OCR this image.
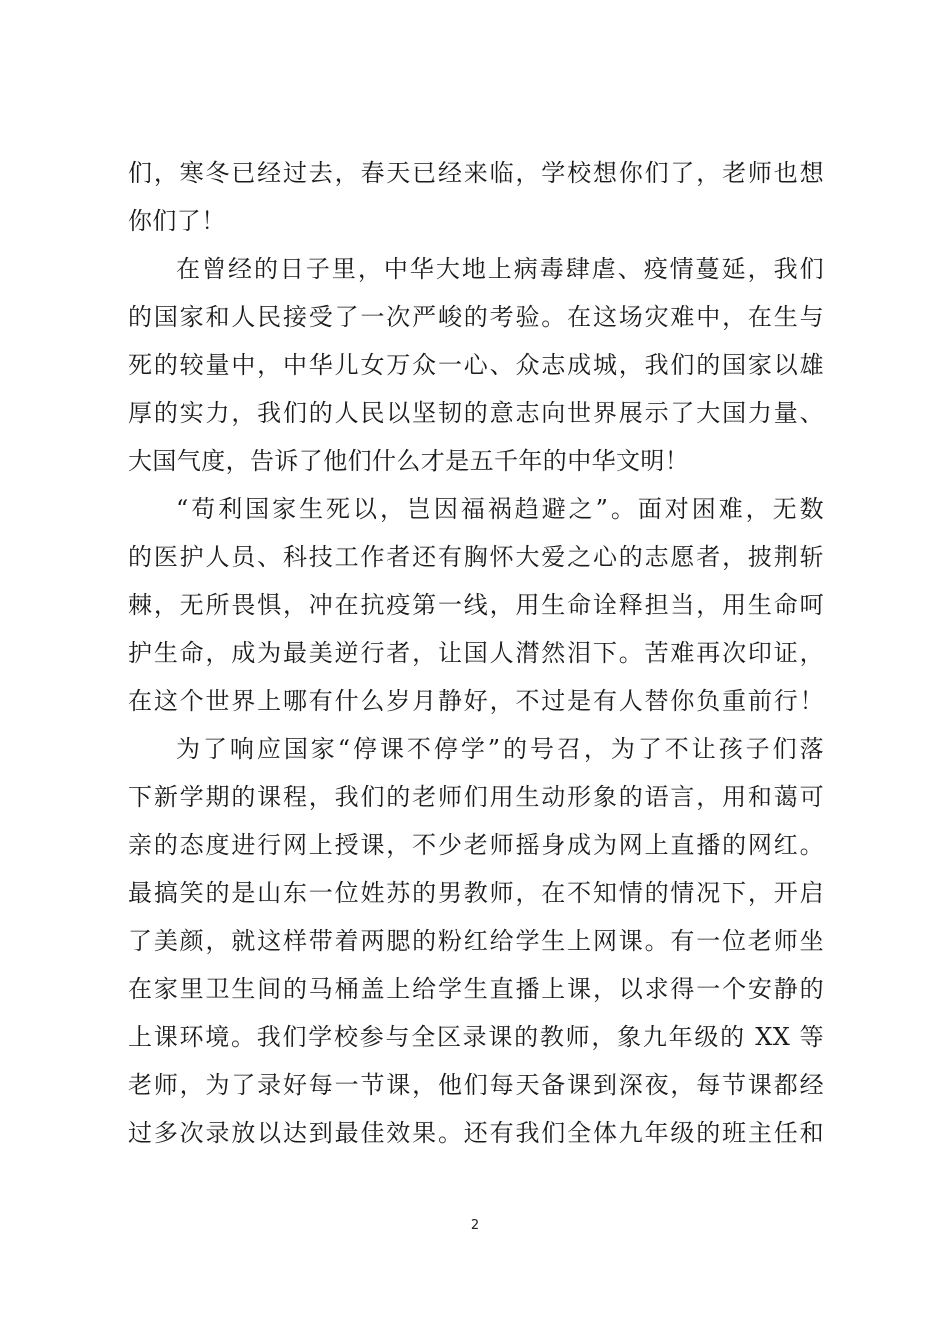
们，寒冬已经过去，春天已经来临，学校想你们了，老师也想
你们了！
在曾经的日子里，中华大地上病毒肆虐、疫情蔓延，我们
的国家和人民接受了一次严峻的考验。在这场灾难中，在生与
死的较量中，中华儿女万众一心、众志成城，我们的国家以雄
厚的实力，我们的人民以坚韧的意志向世界展示了大国力量、
大国气度，告诉了他们什么才是五千年的中华文明！
“苟利国家生死以，岂因福祸趋避之”。面对困难，无数
的医护人员、科技工作者还有胸怀大爱之心的志愿者，披荆斩
棘，无所畏惧，冲在抗疫第一线，用生命诠释担当，用生命呵
护生命，成为最美逆行者，让国人潸然泪下。苦难再次印证，
在这个世界上哪有什么岁月静好，不过是有人替你负重前行！
为了响应国家“停课不停学”的号召，为了不让孩子们落
下新学期的课程，我们的老师们用生动形象的语言，用和蔼可
亲的态度进行网上授课，不少老师摇身成为网上直播的网红。
最搞笑的是山东一位姓苏的男教师，在不知情的情况下，开启
了美颜，就这样带着两腮的粉红给学生上网课。有一位老师坐
在家里卫生间的马桶盖上给学生直播上课，以求得一个安静的
上课环境。我们学校参与全区录课的教师，象九年级的 XX 等
老师，为了录好每一节课，他们每天备课到深夜，每节课都经
过多次录放以达到最佳效果。还有我们全体九年级的班主任和
2
